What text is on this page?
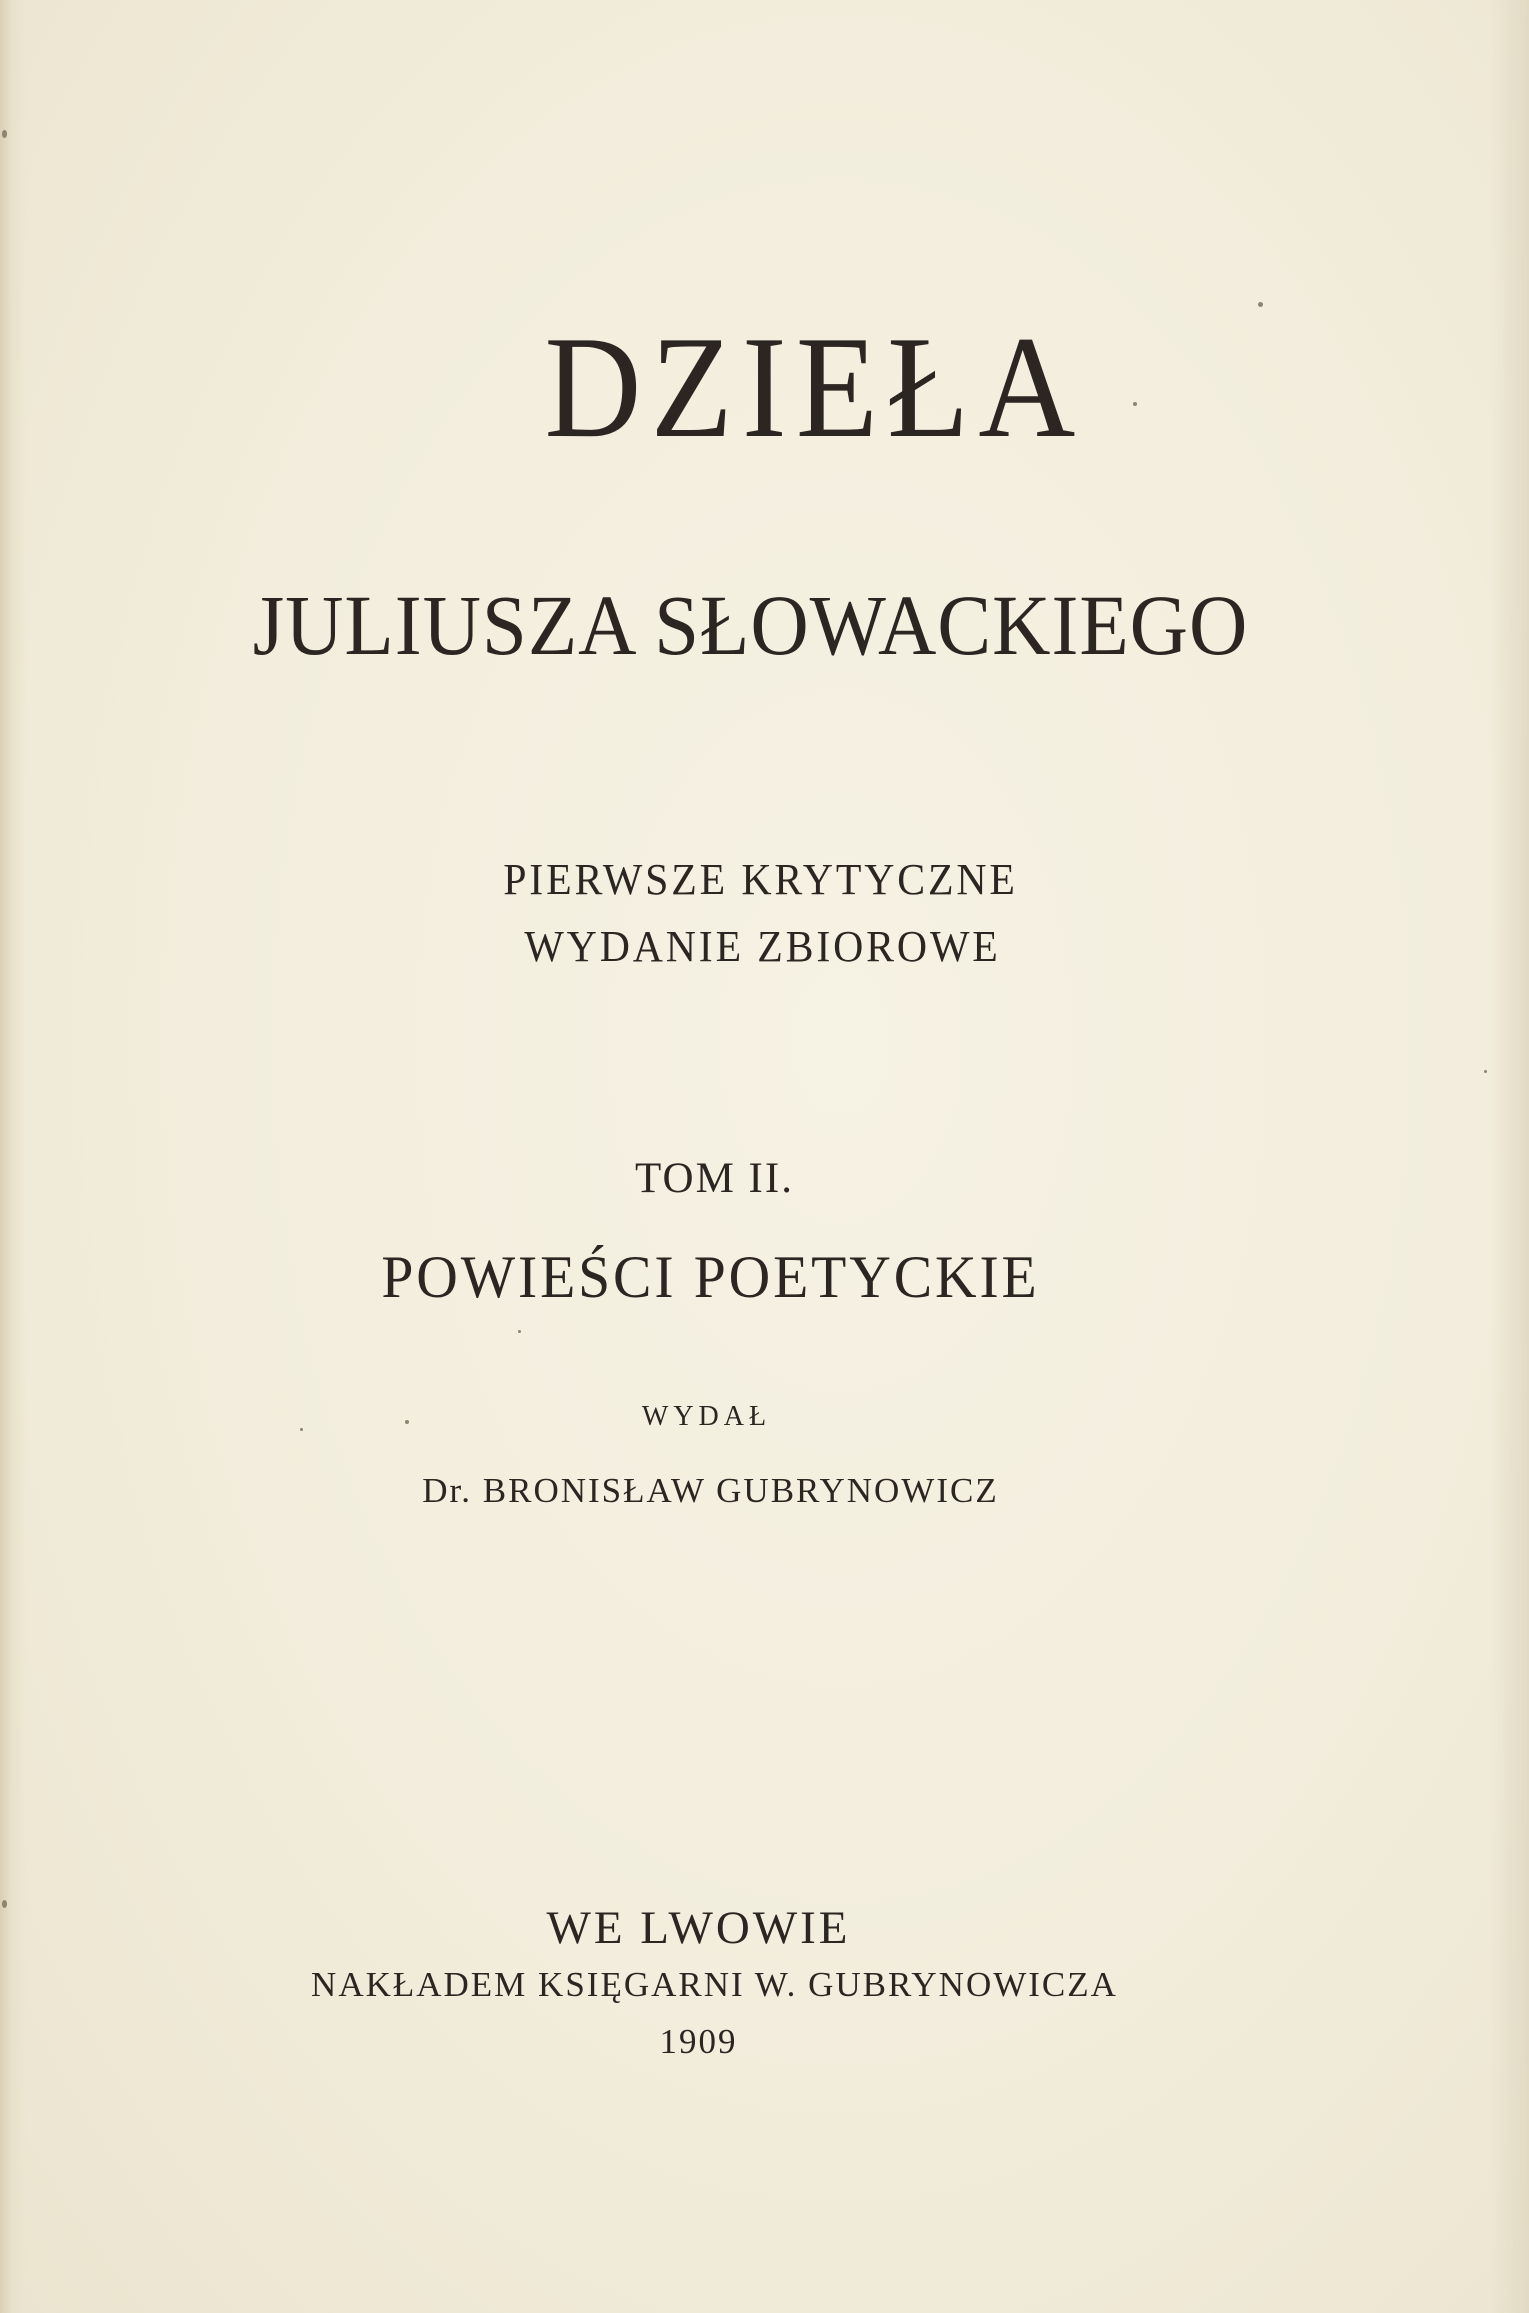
DZIEŁA
JULIUSZA SŁOWACKIEGO
PIERWSZE KRYTYCZNE
WYDANIE ZBIOROWE
TOM II.
POWIEŚCI POETYCKIE
WYDAŁ
Dr. BRONISŁAW GUBRYNOWICZ
WE LWOWIE
NAKŁADEM KSIĘGARNI W. GUBRYNOWICZA
1909
